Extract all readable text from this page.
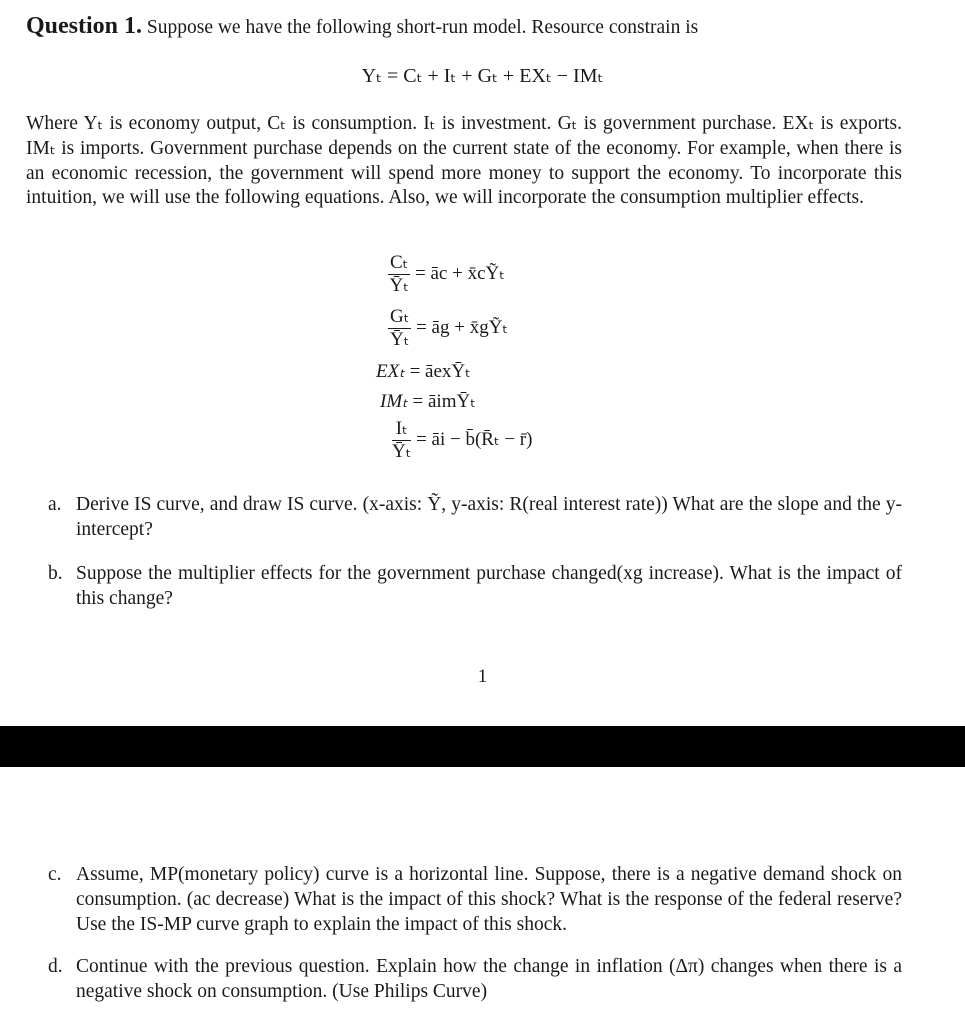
Question 1. Suppose we have the following short-run model. Resource constrain is
Yₜ = Cₜ + Iₜ + Gₜ + EXₜ − IMₜ
Where Yₜ is economy output, Cₜ is consumption. Iₜ is investment. Gₜ is government purchase. EXₜ is exports. IMₜ is imports. Government purchase depends on the current state of the economy. For example, when there is an economic recession, the government will spend more money to support the economy. To incorporate this intuition, we will use the following equations. Also, we will incorporate the consumption multiplier effects.
$\frac{\text{Cₜ}}{\text{Ȳₜ}}$ = āc + x̄cỸₜ
$\frac{\text{Gₜ}}{\text{Ȳₜ}}$ = āg + x̄gỸₜ
EXₜ = āexȲₜ
IMₜ = āimȲₜ
$\frac{\text{Iₜ}}{\text{Ȳₜ}}$ = āi − b̄(R̄ₜ − r̄)
a. Derive IS curve, and draw IS curve. (x-axis: Ỹ, y-axis: R(real interest rate)) What are the slope and the y-intercept?
b. Suppose the multiplier effects for the government purchase changed(xg increase). What is the impact of this change?
1
c. Assume, MP(monetary policy) curve is a horizontal line. Suppose, there is a negative demand shock on consumption. (ac decrease) What is the impact of this shock? What is the response of the federal reserve? Use the IS-MP curve graph to explain the impact of this shock.
d. Continue with the previous question. Explain how the change in inflation (Δπ) changes when there is a negative shock on consumption. (Use Philips Curve)
